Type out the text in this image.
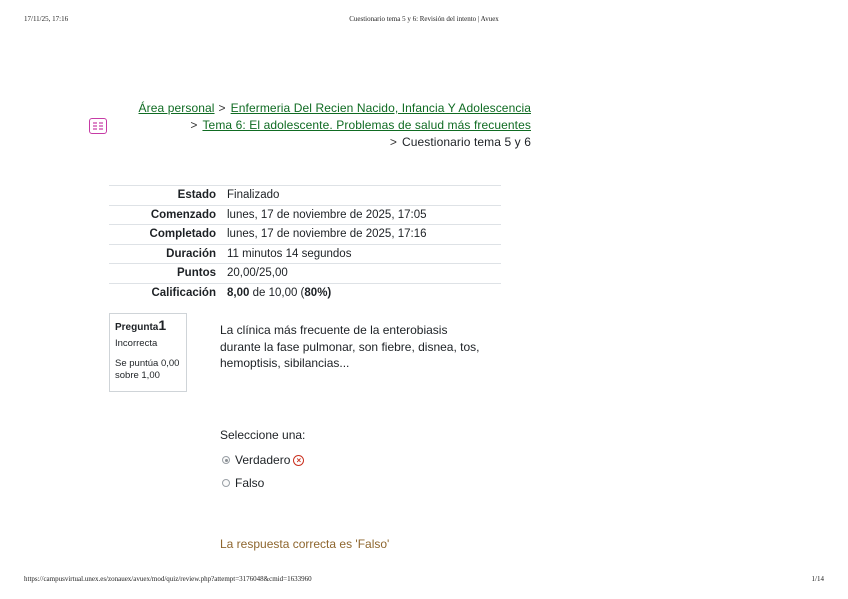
17/11/25, 17:16	Cuestionario tema 5 y 6: Revisión del intento | Avuex
Área personal > Enfermeria Del Recien Nacido, Infancia Y Adolescencia
> Tema 6: El adolescente. Problemas de salud más frecuentes
> Cuestionario tema 5 y 6
Estado	Finalizado
Comenzado	lunes, 17 de noviembre de 2025, 17:05
Completado	lunes, 17 de noviembre de 2025, 17:16
Duración	11 minutos 14 segundos
Puntos	20,00/25,00
Calificación	8,00 de 10,00 (80%)
Pregunta1
Incorrecta
Se puntúa 0,00 sobre 1,00
La clínica más frecuente de la enterobiasis durante la fase pulmonar, son fiebre, disnea, tos, hemoptisis, sibilancias...
Seleccione una:
Verdadero ×
Falso
La respuesta correcta es 'Falso'
https://campusvirtual.unex.es/zonauex/avuex/mod/quiz/review.php?attempt=3176048&cmid=1633960	1/14
